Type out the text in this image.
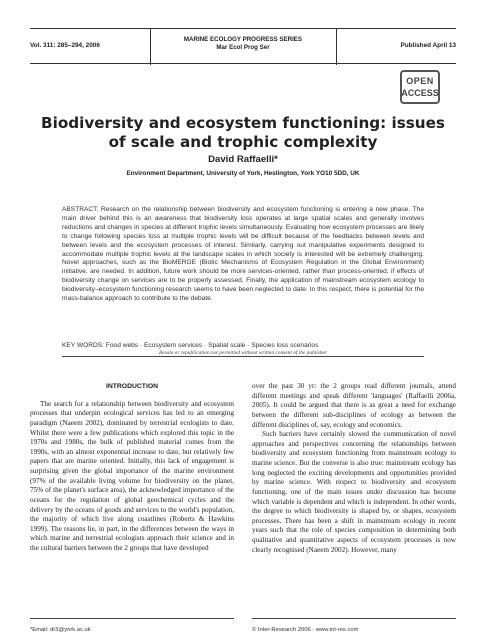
Vol. 311: 285–294, 2006
MARINE ECOLOGY PROGRESS SERIES
Mar Ecol Prog Ser	Published April 13
OPEN
ACCESS
Biodiversity and ecosystem functioning: issues of scale and trophic complexity
David Raffaelli*
Environment Department, University of York, Heslington, York YO10 5DD, UK
ABSTRACT: Research on the relationship between biodiversity and ecosystem functioning is entering a new phase. The main driver behind this is an awareness that biodiversity loss operates at large spatial scales and generally involves reductions and changes in species at different trophic levels simultaneously. Evaluating how ecosystem processes are likely to change following species loss at multiple trophic levels will be difficult because of the feedbacks between levels and between levels and the ecosystem processes of interest. Similarly, carrying out manipulative experiments designed to accommodate multiple trophic levels at the landscape scales in which society is interested will be extremely challenging. Novel approaches, such as the BioMERGE (Biotic Mechanisms of Ecosystem Regulation in the Global Environment) initiative, are needed. In addition, future work should be more services-oriented, rather than process-oriented, if effects of biodiversity change on services are to be properly assessed. Finally, the application of mainstream ecosystem ecology to biodiversity–ecosystem functioning research seems to have been neglected to date. In this respect, there is potential for the mass-balance approach to contribute to the debate.
KEY WORDS: Food webs · Ecosystem services · Spatial scale · Species loss scenarios
Resale or republication not permitted without written consent of the publisher
INTRODUCTION

The search for a relationship between biodiversity and ecosystem processes that underpin ecological services has led to an emerging paradigm (Naeem 2002), dominated by terrestrial ecologists to date. Whilst there were a few publications which explored this topic in the 1970s and 1980s, the bulk of published material comes from the 1990s, with an almost exponential increase to date, but relatively few papers that are marine oriented. Initially, this lack of engagement is surprising given the global importance of the marine environment (97% of the available living volume for biodiversity on the planet, 75% of the planet's surface area), the acknowledged importance of the oceans for the regulation of global geochemical cycles and the delivery by the oceans of goods and services to the world's population, the majority of which live along coastlines (Roberts & Hawkins 1999). The reasons lie, in part, in the differences between the ways in which marine and terrestrial ecologists approach their science and in the cultural barriers between the 2 groups that have developed

over the past 30 yr: the 2 groups read different journals, attend different meetings and speak different 'languages' (Raffaelli 2006a, 2005). It could be argued that there is as great a need for exchange between the different sub-disciplines of ecology as between the different disciplines of, say, ecology and economics.

Such barriers have certainly slowed the communication of novel approaches and perspectives concerning the relationships between biodiversity and ecosystem functioning from mainstream ecology to marine science. But the converse is also true: mainstream ecology has long neglected the exciting developments and opportunities provided by marine science. With respect to biodiversity and ecosystem functioning, one of the main issues under discussion has become which variable is dependent and which is independent. In other words, the degree to which biodiversity is shaped by, or shapes, ecosystem processes. There has been a shift in mainstream ecology in recent years such that the role of species composition in determining both qualitative and quantitative aspects of ecosystem processes is now clearly recognised (Naeem 2002). However, many

*Email: dr3@york.ac.uk	© Inter-Research 2006 · www.int-res.com
